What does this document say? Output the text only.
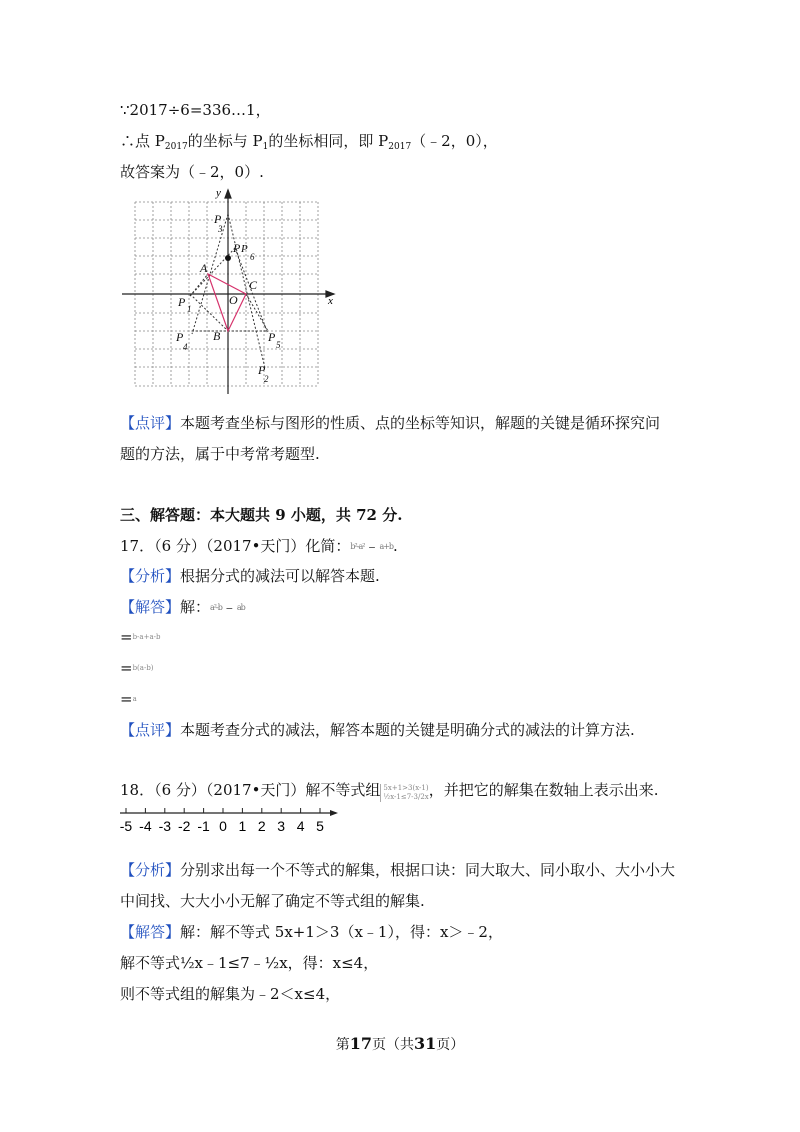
∵2017÷6=336…1，
∴点 $P_{2017}$的坐标与 $P_1$的坐标相同，即 $P_{2017}(﹣2$，0），
故答案为（﹣2，0）.
x
y
P
3
P P
6
A
C
O
P 1
B
P
4
P
5
P
2
【点评】本题考查坐标与图形的性质、点的坐标等知识，解题的关键是循环探究问
题的方法，属于中考常考题型.
三、解答题：本大题共 9 小题，共 72 分.
17．（6 分）（2017•天门）化简：b²-a²﹣a+b.
【分析】根据分式的减法可以解答本题.
【解答】解：a²-b﹣ab
=b-a+a-b
=b(a-b)
=a
【点评】本题考查分式的减法，解答本题的关键是明确分式的减法的计算方法.
18．（6 分）（2017•天门）解不等式组 5x+1>3(x-1)
½x-1≤7-3/2x ，并把它的解集在数轴上表示出来.
-5 -4 -3 -2 -1 0 1 2 3 4 5
【分析】分别求出每一个不等式的解集，根据口诀：同大取大、同小取小、大小小大
中间找、大大小小无解了确定不等式组的解集.
【解答】解：解不等式 5x+1＞3（x﹣1），得：x＞﹣2，
解不等式½x﹣1≤7﹣½x，得：x≤4，
则不等式组的解集为﹣2＜x≤4，
第17页（共31页）
